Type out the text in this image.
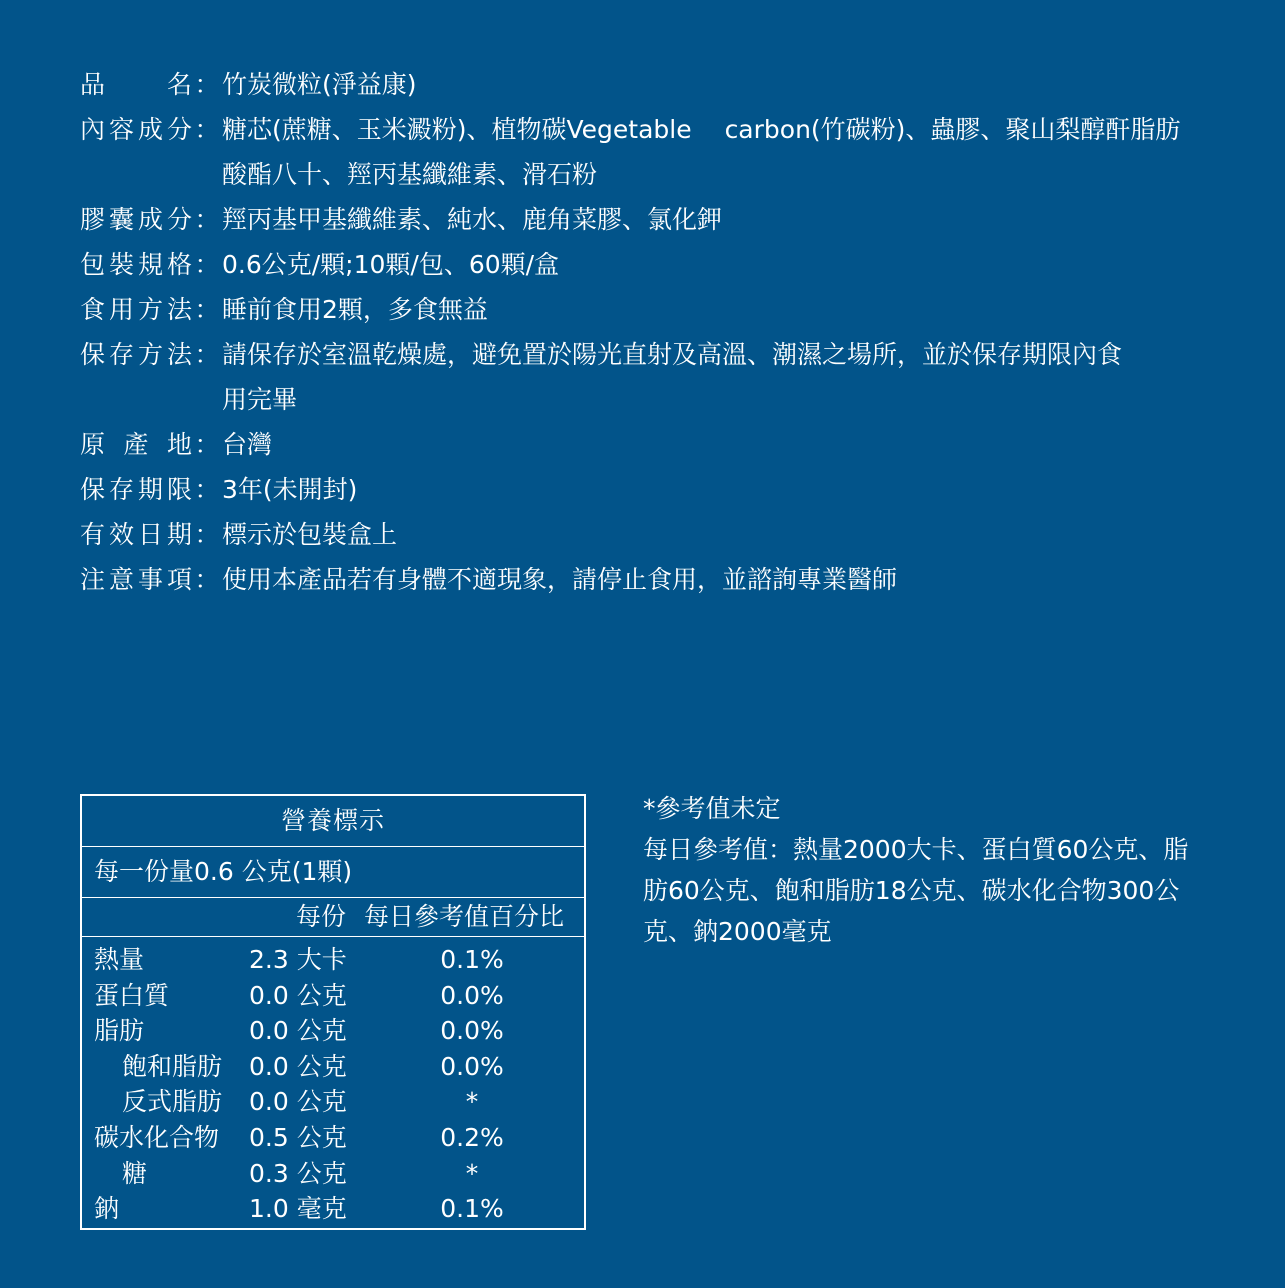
品 名 ： 竹炭微粒(淨益康)
內 容 成 分 ： 糖芯(蔗糖、玉米澱粉)、植物碳Vegetable　 carbon(竹碳粉)、蟲膠、聚山梨醇酐脂肪
酸酯八十、羥丙基纖維素、滑石粉
膠 囊 成 分 ： 羥丙基甲基纖維素、純水、鹿角菜膠、氯化鉀
包 裝 規 格 ： 0.6公克/顆;10顆/包、60顆/盒
食 用 方 法 ： 睡前食用2顆，多食無益
保 存 方 法 ： 請保存於室溫乾燥處，避免置於陽光直射及高溫、潮濕之場所，並於保存期限內食
用完畢
原 產 地 ： 台灣
保 存 期 限 ： 3年(未開封)
有 效 日 期 ： 標示於包裝盒上
注 意 事 項 ： 使用本產品若有身體不適現象，請停止食用，並諮詢專業醫師
營養標示
每一份量0.6 公克(1顆)
每份 每日參考值百分比
熱量	2.3 大卡	0.1%
蛋白質	0.0 公克	0.0%
脂肪	0.0 公克	0.0%
飽和脂肪 0.0 公克	0.0%
反式脂肪 0.0 公克	*
碳水化合物 0.5 公克	0.2%
糖	0.3 公克	*
鈉	1.0 毫克	0.1%
*參考值未定
每日參考值：熱量2000大卡、蛋白質60公克、脂
肪60公克、飽和脂肪18公克、碳水化合物300公
克、鈉2000毫克
